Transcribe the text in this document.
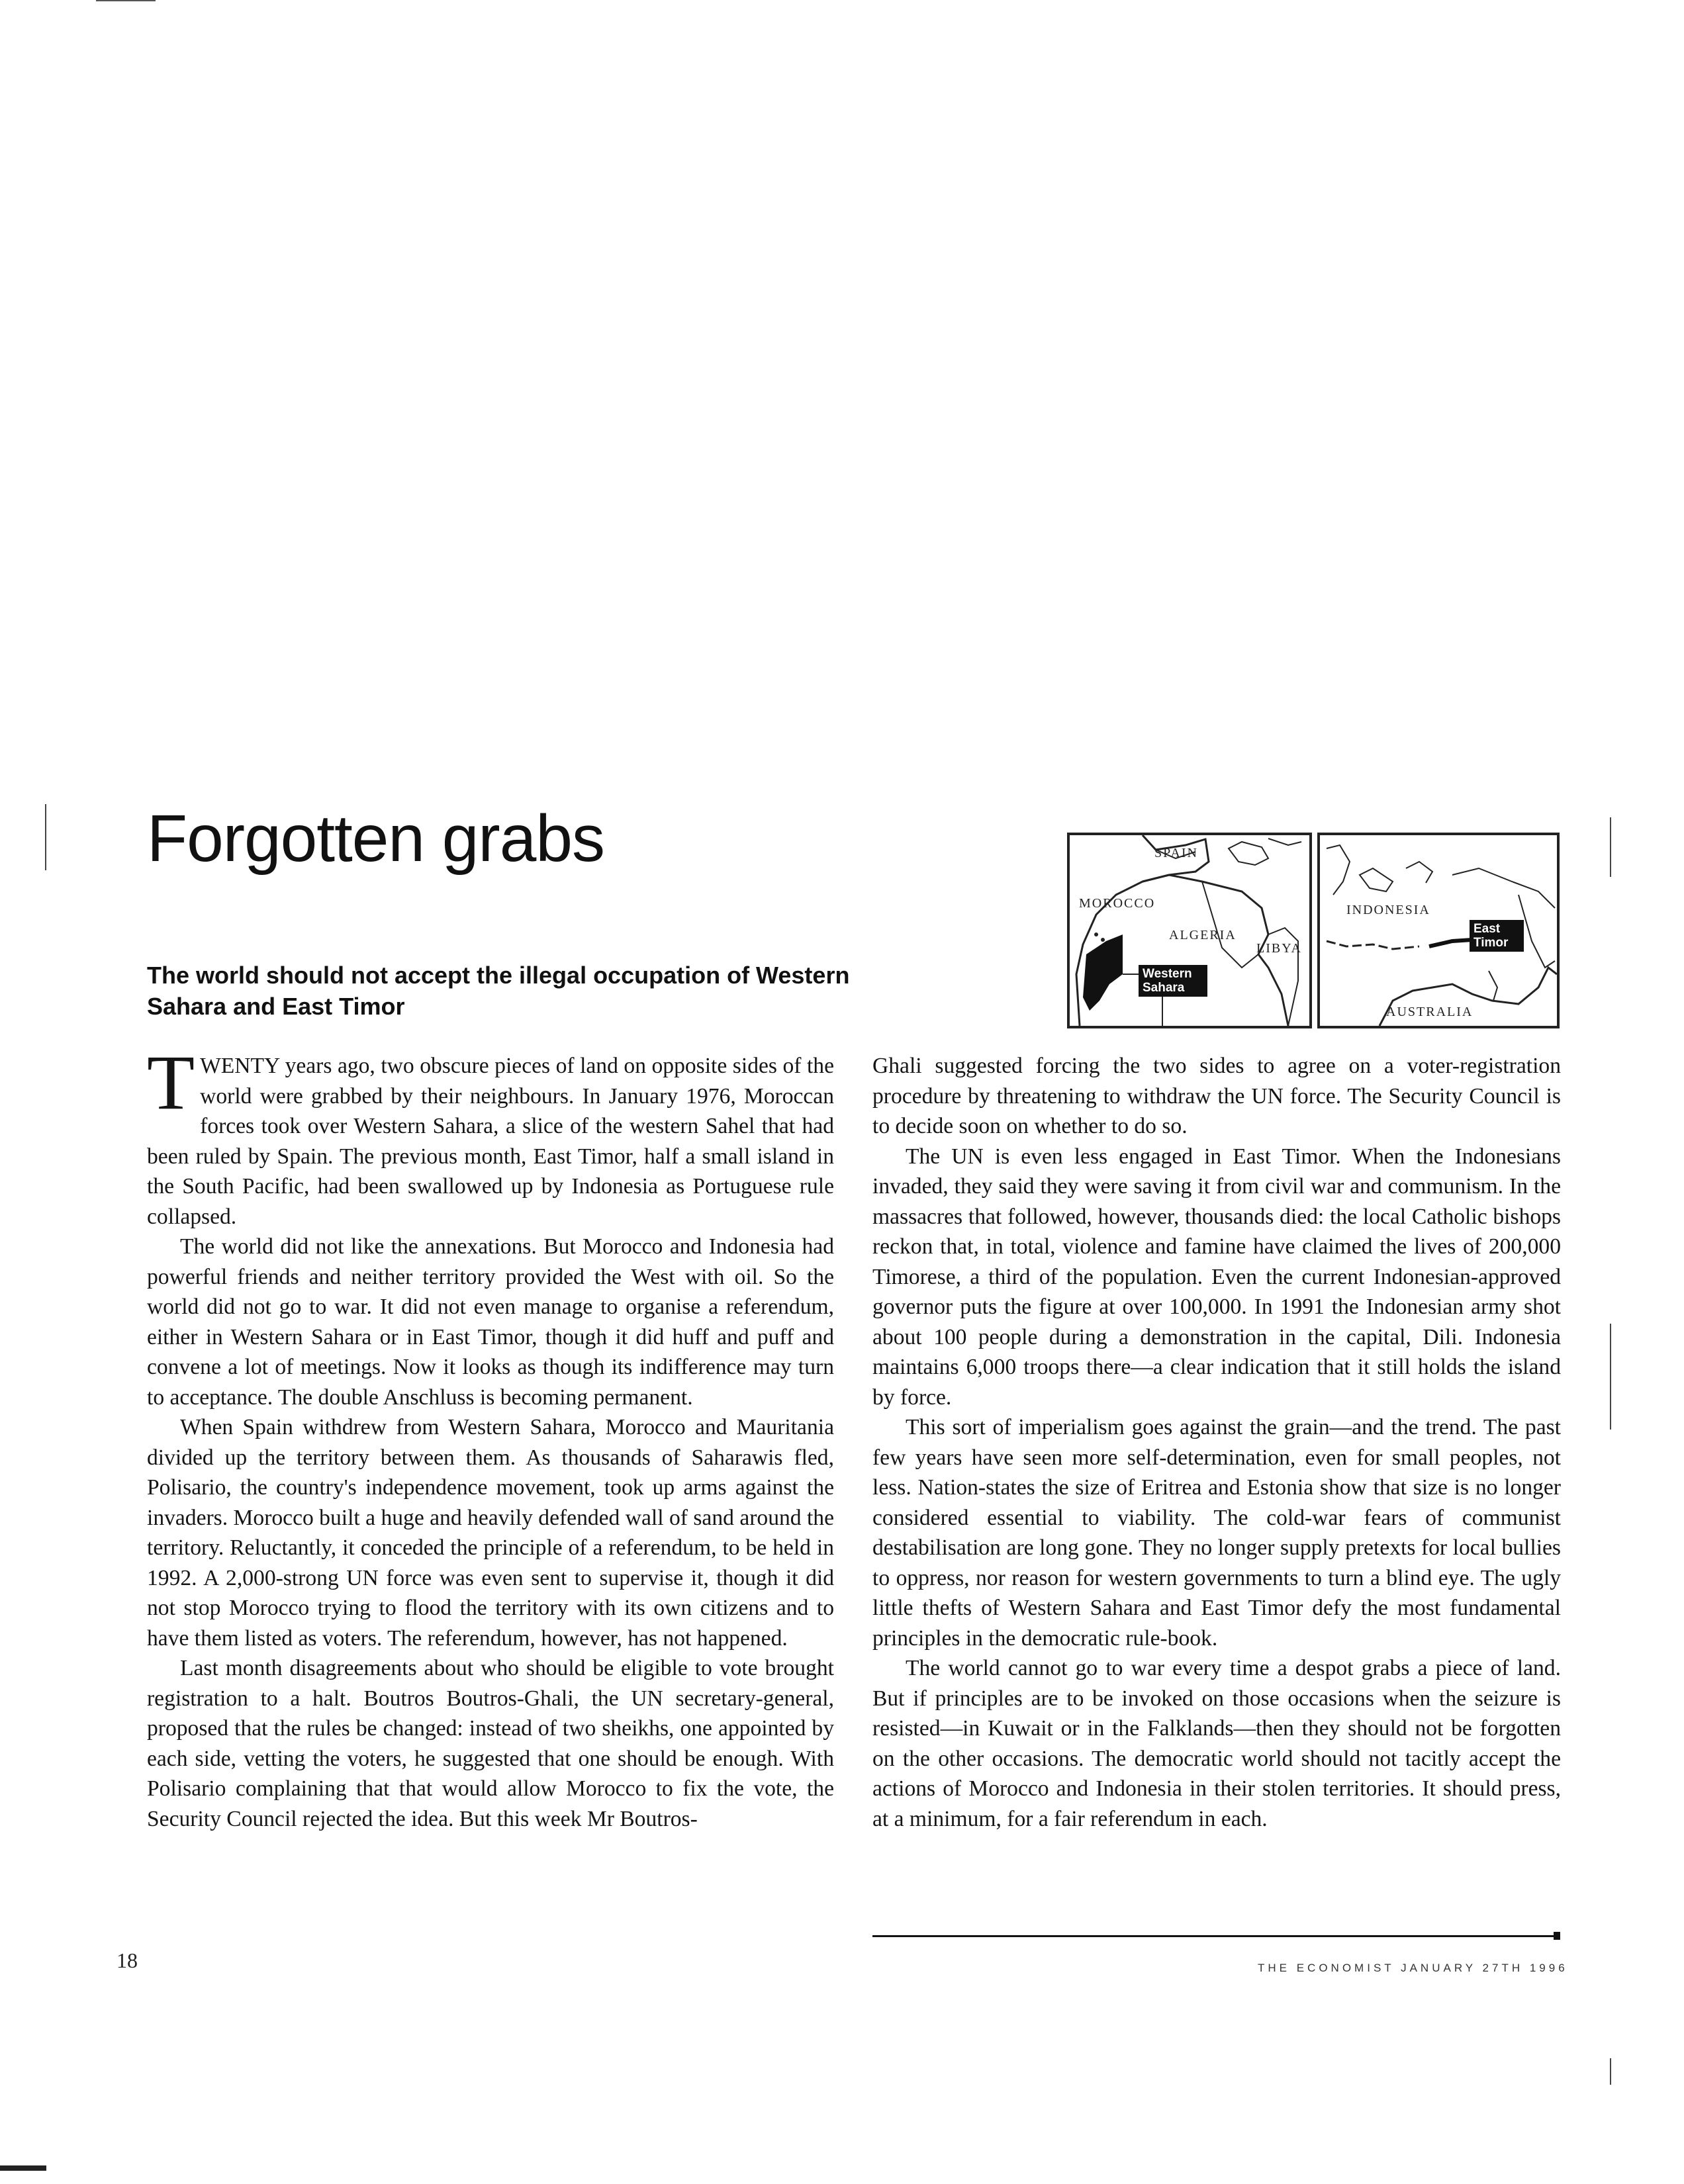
Forgotten grabs
The world should not accept the illegal occupation of Western Sahara and East Timor
SPAIN
MOROCCO
ALGERIA
LIBYA
Western Sahara
INDONESIA
AUSTRALIA
East Timor

TWENTY years ago, two obscure pieces of land on opposite sides of the world were grabbed by their neighbours. In January 1976, Moroccan forces took over Western Sahara, a slice of the western Sahel that had been ruled by Spain. The previous month, East Timor, half a small island in the South Pacific, had been swallowed up by Indonesia as Portuguese rule collapsed.

The world did not like the annexations. But Morocco and Indonesia had powerful friends and neither territory provided the West with oil. So the world did not go to war. It did not even manage to organise a referendum, either in Western Sahara or in East Timor, though it did huff and puff and convene a lot of meetings. Now it looks as though its indifference may turn to acceptance. The double Anschluss is becoming permanent.

When Spain withdrew from Western Sahara, Morocco and Mauritania divided up the territory between them. As thousands of Saharawis fled, Polisario, the country's independence movement, took up arms against the invaders. Morocco built a huge and heavily defended wall of sand around the territory. Reluctantly, it conceded the principle of a referendum, to be held in 1992. A 2,000-strong UN force was even sent to supervise it, though it did not stop Morocco trying to flood the territory with its own citizens and to have them listed as voters. The referendum, however, has not happened.

Last month disagreements about who should be eligible to vote brought registration to a halt. Boutros Boutros-Ghali, the UN secretary-general, proposed that the rules be changed: instead of two sheikhs, one appointed by each side, vetting the voters, he suggested that one should be enough. With Polisario complaining that that would allow Morocco to fix the vote, the Security Council rejected the idea. But this week Mr Boutros-

Ghali suggested forcing the two sides to agree on a voter-registration procedure by threatening to withdraw the UN force. The Security Council is to decide soon on whether to do so.

The UN is even less engaged in East Timor. When the Indonesians invaded, they said they were saving it from civil war and communism. In the massacres that followed, however, thousands died: the local Catholic bishops reckon that, in total, violence and famine have claimed the lives of 200,000 Timorese, a third of the population. Even the current Indonesian-approved governor puts the figure at over 100,000. In 1991 the Indonesian army shot about 100 people during a demonstration in the capital, Dili. Indonesia maintains 6,000 troops there—a clear indication that it still holds the island by force.

This sort of imperialism goes against the grain—and the trend. The past few years have seen more self-determination, even for small peoples, not less. Nation-states the size of Eritrea and Estonia show that size is no longer considered essential to viability. The cold-war fears of communist destabilisation are long gone. They no longer supply pretexts for local bullies to oppress, nor reason for western governments to turn a blind eye. The ugly little thefts of Western Sahara and East Timor defy the most fundamental principles in the democratic rule-book.

The world cannot go to war every time a despot grabs a piece of land. But if principles are to be invoked on those occasions when the seizure is resisted—in Kuwait or in the Falklands—then they should not be forgotten on the other occasions. The democratic world should not tacitly accept the actions of Morocco and Indonesia in their stolen territories. It should press, at a minimum, for a fair referendum in each.

18	THE ECONOMIST JANUARY 27TH 1996
